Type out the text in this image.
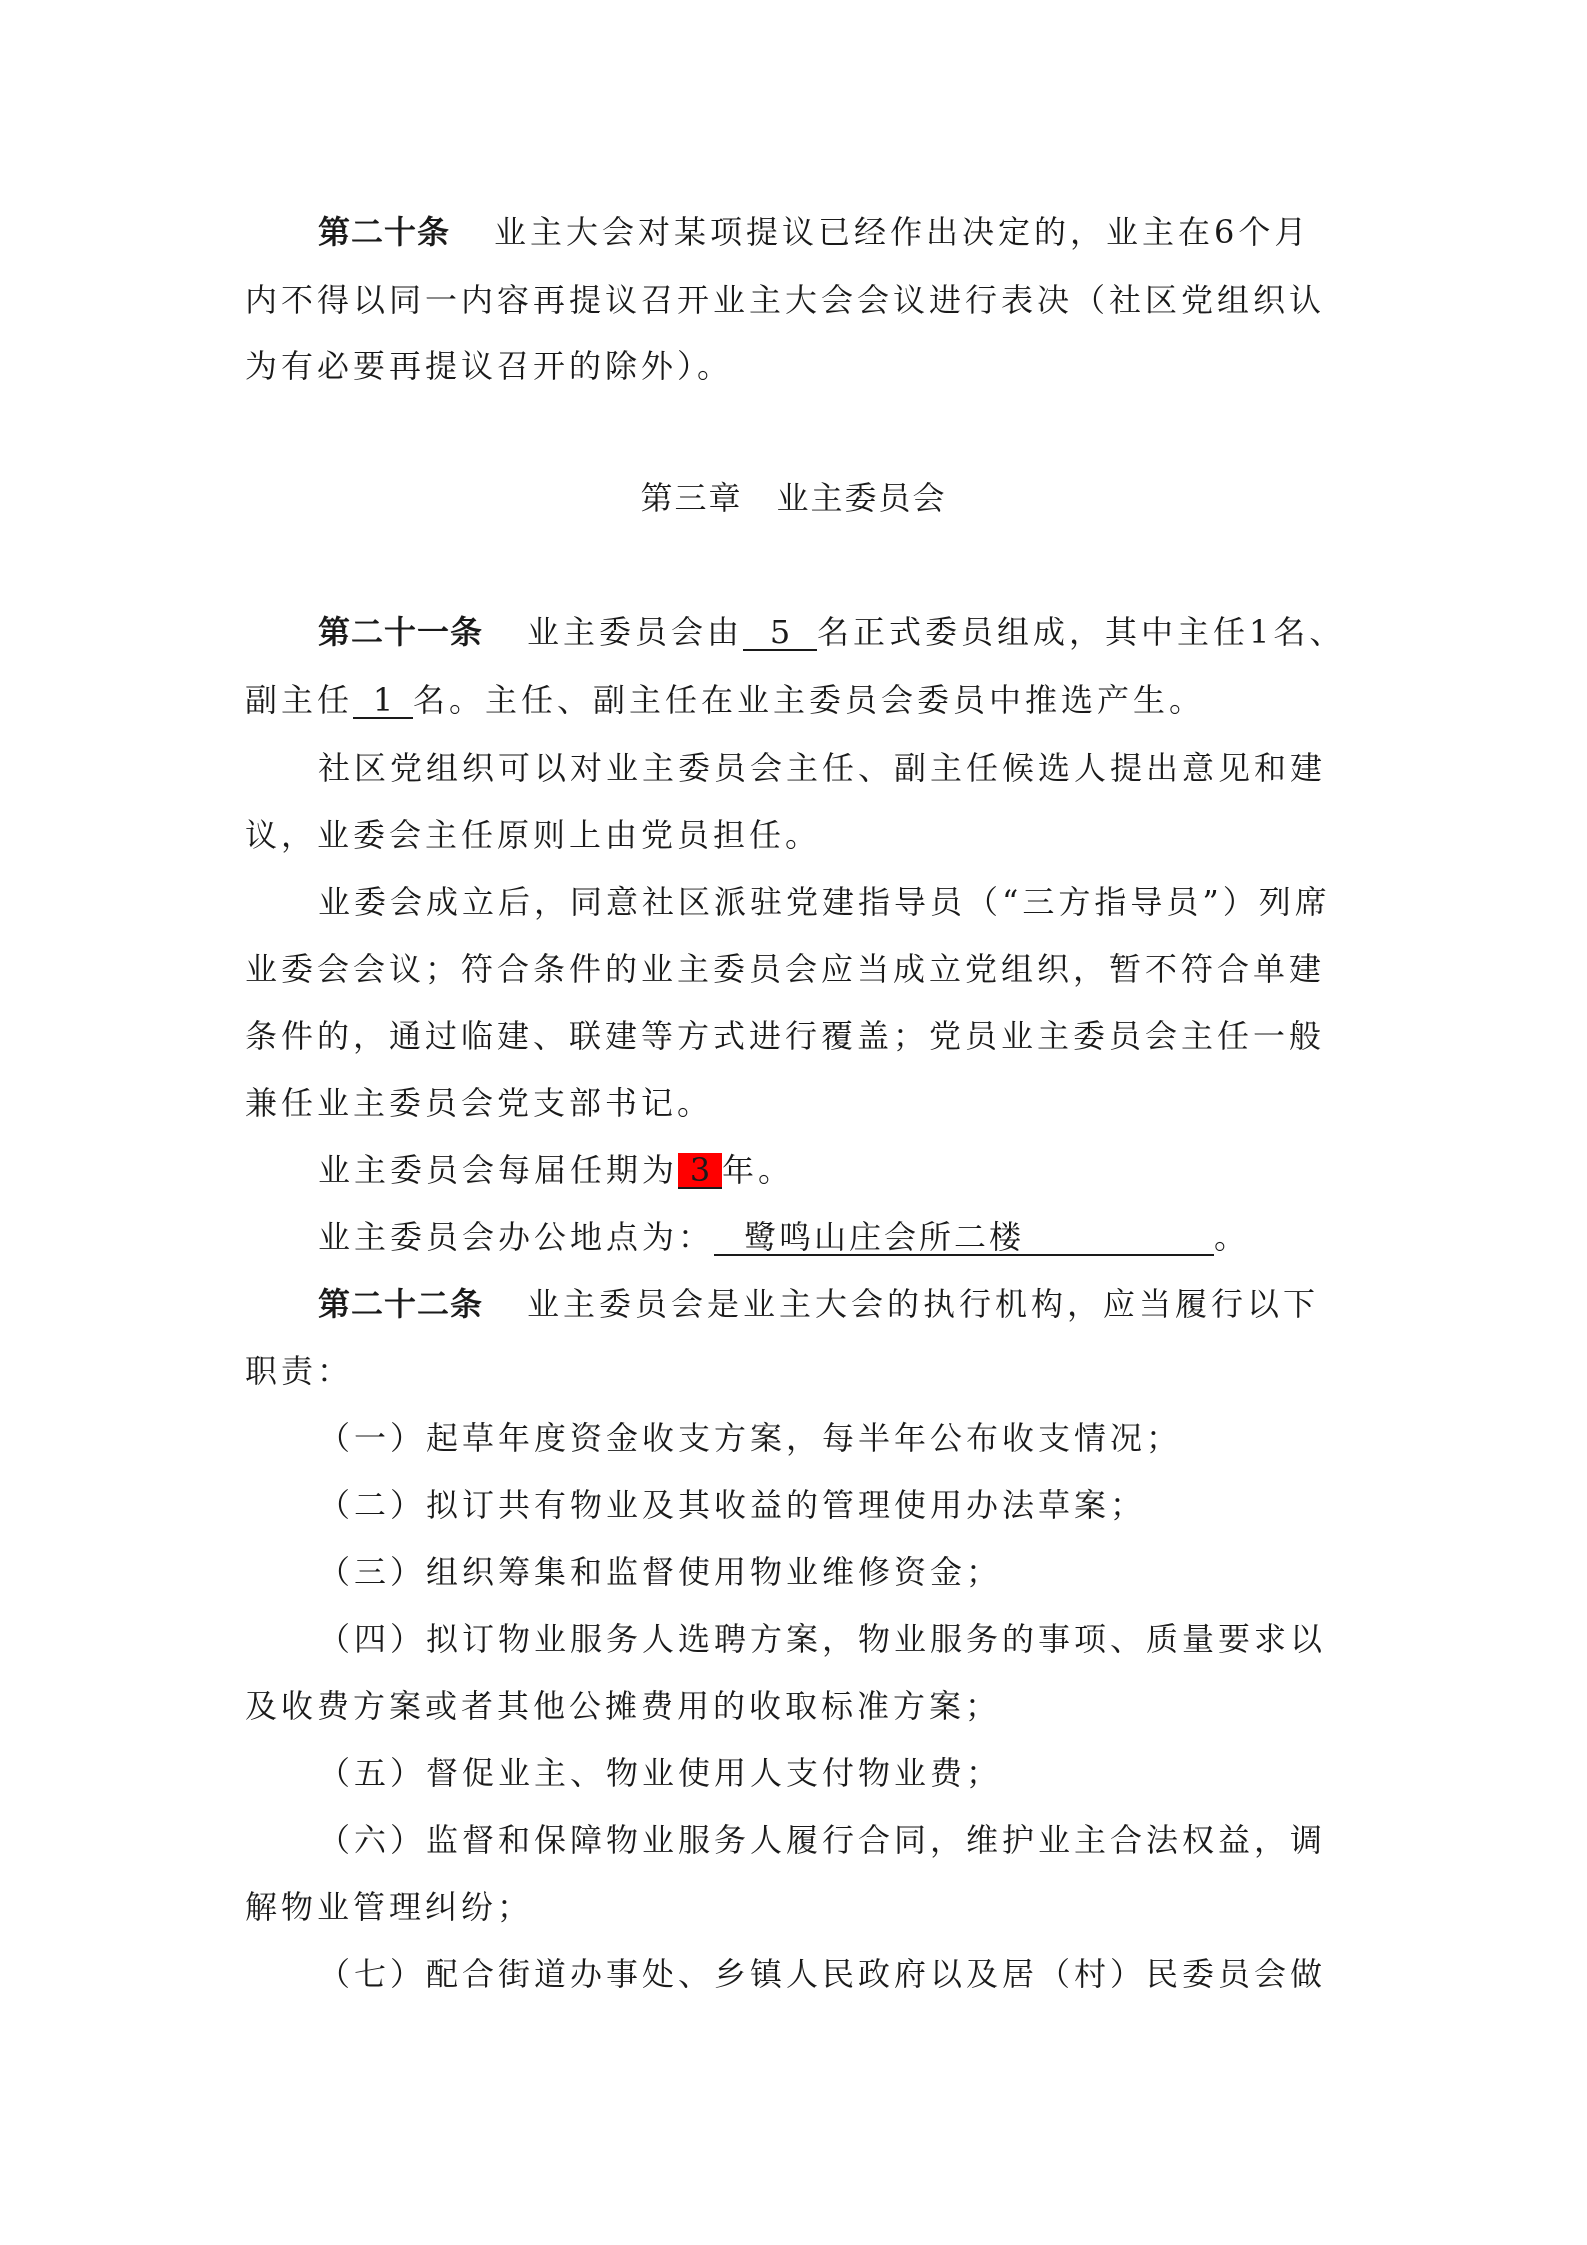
第二十条 业主大会对某项提议已经作出决定的，业主在6个月
内不得以同一内容再提议召开业主大会会议进行表决（社区党组织认
为有必要再提议召开的除外）。
第三章　业主委员会
第二十一条 业主委员会由 5 名正式委员组成，其中主任1名、
副主任 1 名。主任、副主任在业主委员会委员中推选产生。
社区党组织可以对业主委员会主任、副主任候选人提出意见和建
议，业委会主任原则上由党员担任。
业委会成立后，同意社区派驻党建指导员（“三方指导员”）列席
业委会会议；符合条件的业主委员会应当成立党组织，暂不符合单建
条件的，通过临建、联建等方式进行覆盖；党员业主委员会主任一般
兼任业主委员会党支部书记。
业主委员会每届任期为 3 年。
业主委员会办公地点为： 鹭鸣山庄会所二楼	。
第二十二条 业主委员会是业主大会的执行机构，应当履行以下
职责：
（一）起草年度资金收支方案，每半年公布收支情况；
（二）拟订共有物业及其收益的管理使用办法草案；
（三）组织筹集和监督使用物业维修资金；
（四）拟订物业服务人选聘方案，物业服务的事项、质量要求以
及收费方案或者其他公摊费用的收取标准方案；
（五）督促业主、物业使用人支付物业费；
（六）监督和保障物业服务人履行合同，维护业主合法权益，调
解物业管理纠纷；
（七）配合街道办事处、乡镇人民政府以及居（村）民委员会做
